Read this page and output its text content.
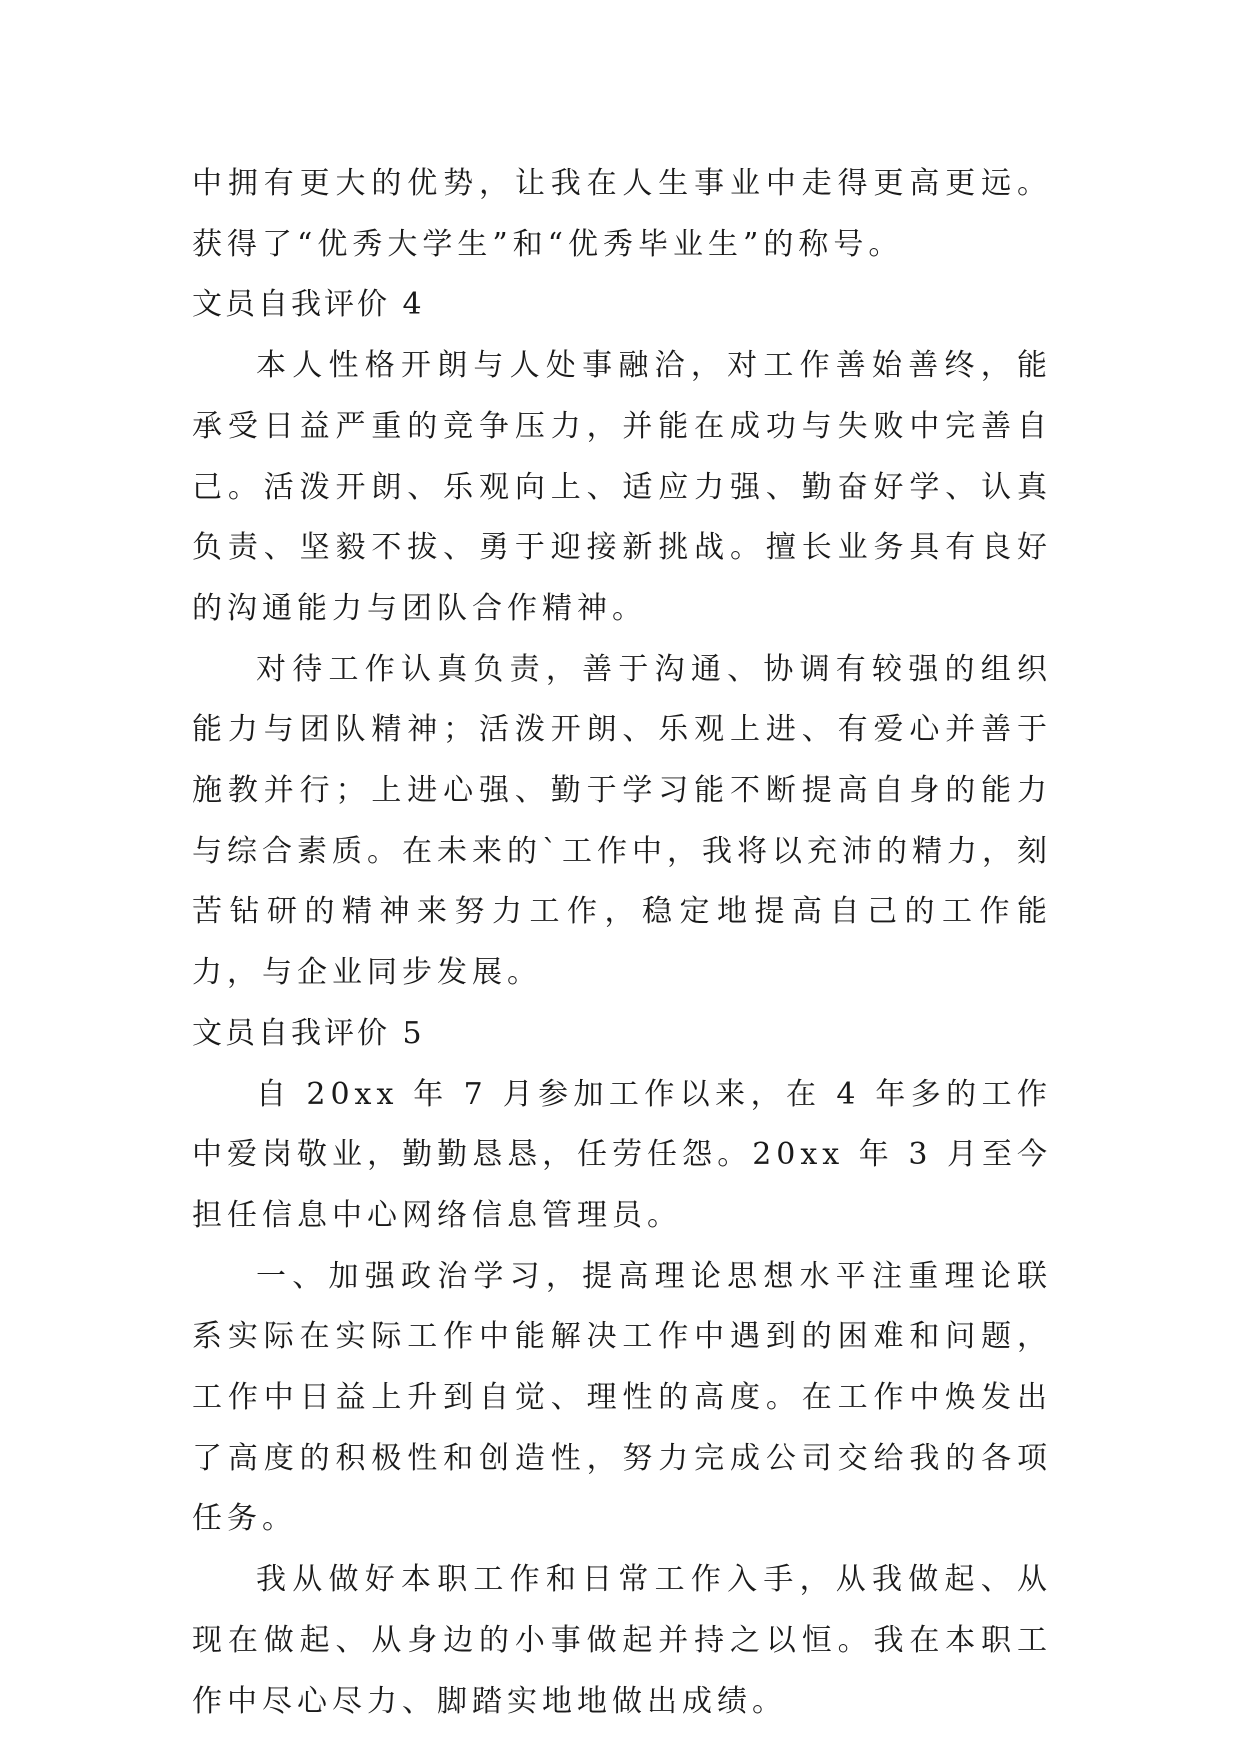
中拥有更大的优势，让我在人生事业中走得更高更远。获得了“优秀大学生”和“优秀毕业生”的称号。

文员自我评价 4

本人性格开朗与人处事融洽，对工作善始善终，能承受日益严重的竞争压力，并能在成功与失败中完善自己。活泼开朗、乐观向上、适应力强、勤奋好学、认真负责、坚毅不拔、勇于迎接新挑战。擅长业务具有良好的沟通能力与团队合作精神。

对待工作认真负责，善于沟通、协调有较强的组织能力与团队精神；活泼开朗、乐观上进、有爱心并善于施教并行；上进心强、勤于学习能不断提高自身的能力与综合素质。在未来的`工作中，我将以充沛的精力，刻苦钻研的精神来努力工作，稳定地提高自己的工作能力，与企业同步发展。

文员自我评价 5

自 20xx 年 7 月参加工作以来，在 4 年多的工作中爱岗敬业，勤勤恳恳，任劳任怨。20xx 年 3 月至今担任信息中心网络信息管理员。

一、加强政治学习，提高理论思想水平注重理论联系实际在实际工作中能解决工作中遇到的困难和问题，工作中日益上升到自觉、理性的高度。在工作中焕发出了高度的积极性和创造性，努力完成公司交给我的各项任务。

我从做好本职工作和日常工作入手，从我做起、从现在做起、从身边的小事做起并持之以恒。我在本职工作中尽心尽力、脚踏实地地做出成绩。
